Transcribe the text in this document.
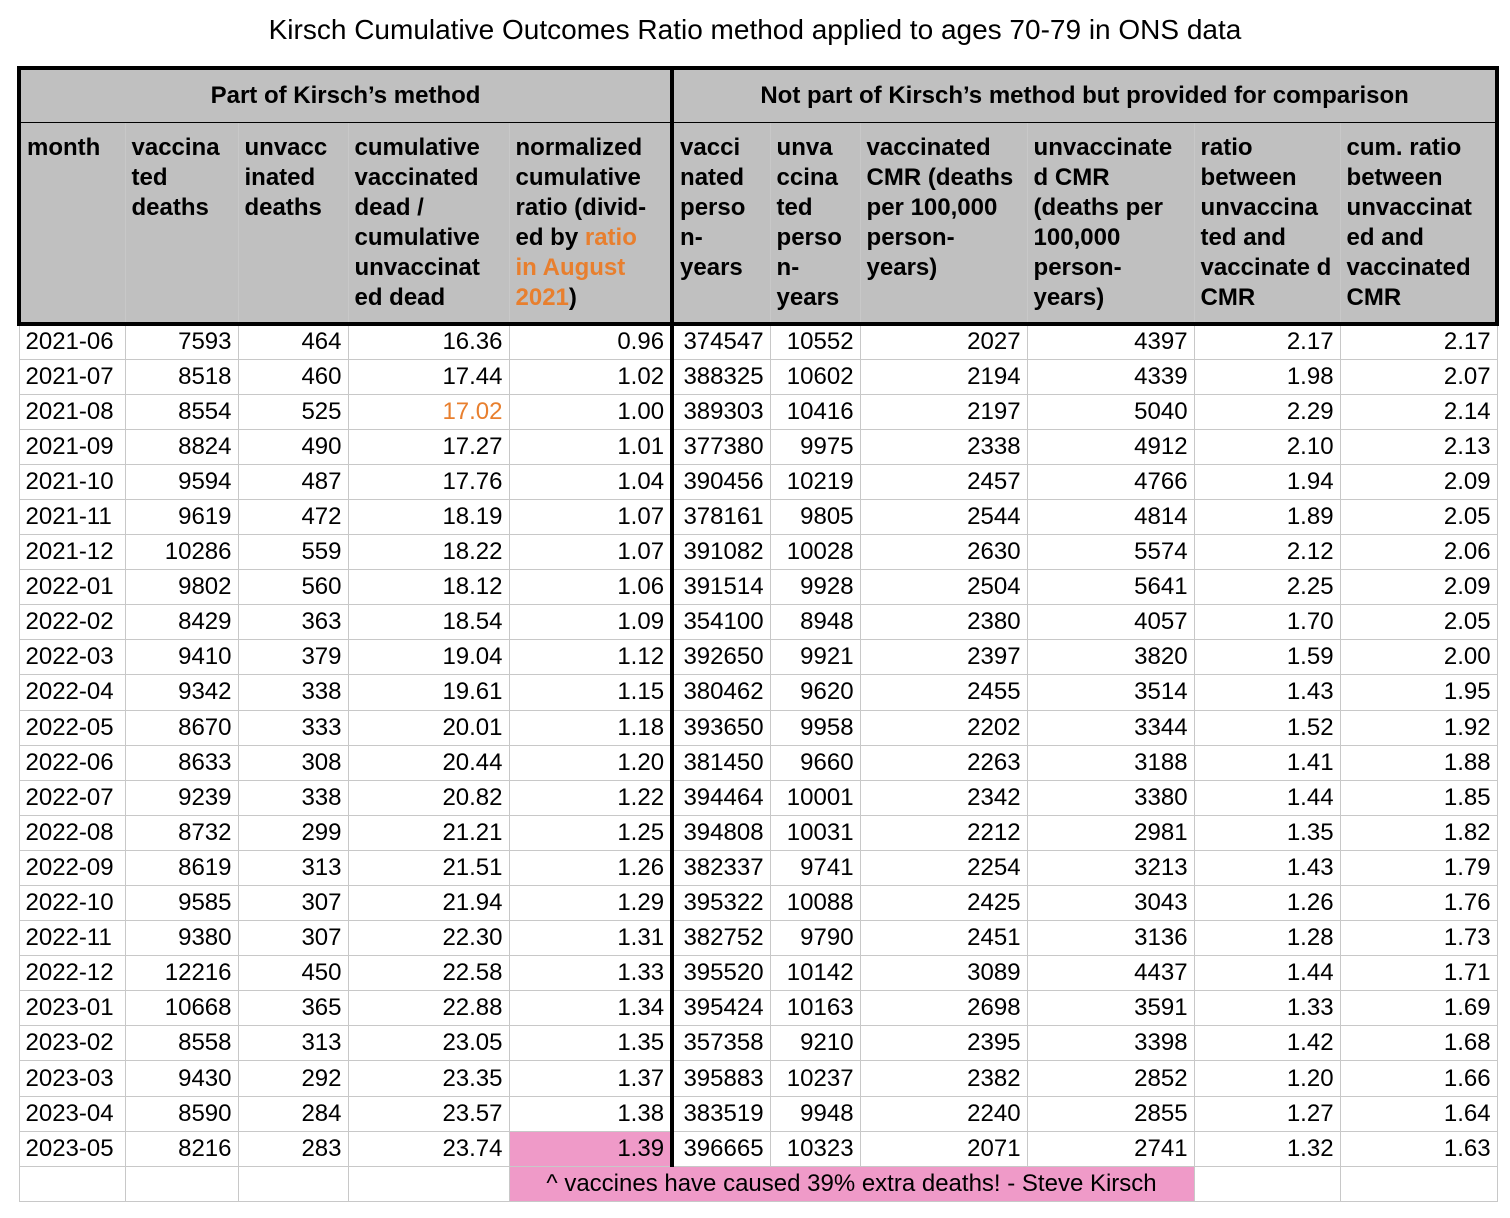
Kirsch Cumulative Outcomes Ratio method applied to ages 70-79 in ONS data
Part of Kirsch’s method					Not part of Kirsch’s method but provided for comparison					
month	vaccina ted deaths	unvacc inated deaths	cumulative vaccinated dead / cumulative unvaccinat ed dead	normalized cumulative ratio (divid- ed by ratio in August 2021)	vacci nated perso n- years	unva ccina ted perso n- years	vaccinated CMR (deaths per 100,000 person- years)	unvaccinate d CMR (deaths per 100,000 person- years)	ratio between unvaccina ted and vaccinate d CMR	cum. ratio between unvaccinat ed and vaccinated CMR
2021-06	7593	464	16.36	0.96	374547	10552	2027	4397	2.17	2.17
2021-07	8518	460	17.44	1.02	388325	10602	2194	4339	1.98	2.07
2021-08	8554	525	17.02	1.00	389303	10416	2197	5040	2.29	2.14
2021-09	8824	490	17.27	1.01	377380	9975	2338	4912	2.10	2.13
2021-10	9594	487	17.76	1.04	390456	10219	2457	4766	1.94	2.09
2021-11	9619	472	18.19	1.07	378161	9805	2544	4814	1.89	2.05
2021-12	10286	559	18.22	1.07	391082	10028	2630	5574	2.12	2.06
2022-01	9802	560	18.12	1.06	391514	9928	2504	5641	2.25	2.09
2022-02	8429	363	18.54	1.09	354100	8948	2380	4057	1.70	2.05
2022-03	9410	379	19.04	1.12	392650	9921	2397	3820	1.59	2.00
2022-04	9342	338	19.61	1.15	380462	9620	2455	3514	1.43	1.95
2022-05	8670	333	20.01	1.18	393650	9958	2202	3344	1.52	1.92
2022-06	8633	308	20.44	1.20	381450	9660	2263	3188	1.41	1.88
2022-07	9239	338	20.82	1.22	394464	10001	2342	3380	1.44	1.85
2022-08	8732	299	21.21	1.25	394808	10031	2212	2981	1.35	1.82
2022-09	8619	313	21.51	1.26	382337	9741	2254	3213	1.43	1.79
2022-10	9585	307	21.94	1.29	395322	10088	2425	3043	1.26	1.76
2022-11	9380	307	22.30	1.31	382752	9790	2451	3136	1.28	1.73
2022-12	12216	450	22.58	1.33	395520	10142	3089	4437	1.44	1.71
2023-01	10668	365	22.88	1.34	395424	10163	2698	3591	1.33	1.69
2023-02	8558	313	23.05	1.35	357358	9210	2395	3398	1.42	1.68
2023-03	9430	292	23.35	1.37	395883	10237	2382	2852	1.20	1.66
2023-04	8590	284	23.57	1.38	383519	9948	2240	2855	1.27	1.64
2023-05	8216	283	23.74	1.39	396665	10323	2071	2741	1.32	1.63
				^ vaccines have caused 39% extra deaths! - Steve Kirsch						
